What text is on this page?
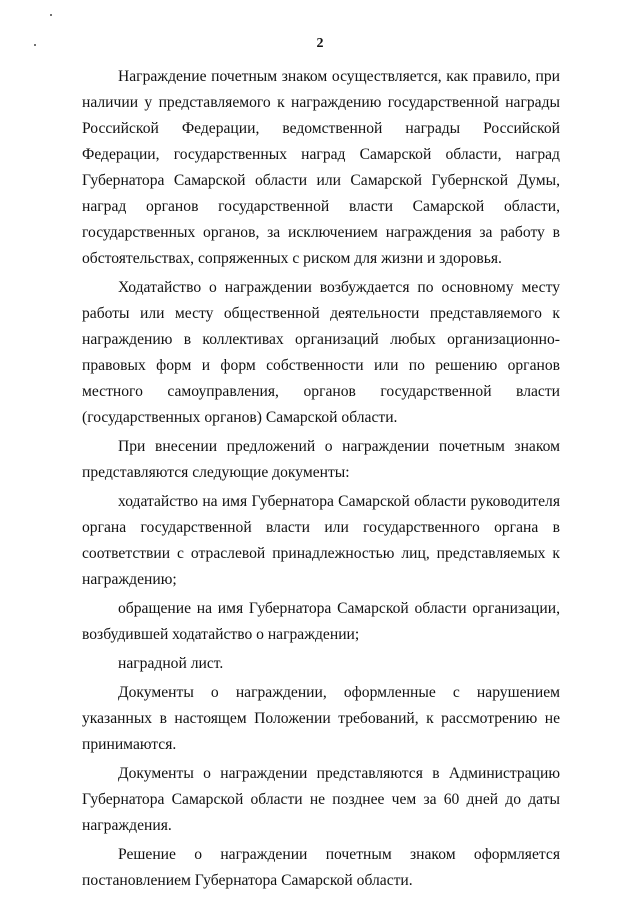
2

Награждение почетным знаком осуществляется, как правило, при наличии у представляемого к награждению государственной награды Российской Федерации, ведомственной награды Российской Федерации, государственных наград Самарской области, наград Губернатора Самарской области или Самарской Губернской Думы, наград органов государственной власти Самарской области, государственных органов, за исключением награждения за работу в обстоятельствах, сопряженных с риском для жизни и здоровья.

Ходатайство о награждении возбуждается по основному месту работы или месту общественной деятельности представляемого к награждению в коллективах организаций любых организационно-правовых форм и форм собственности или по решению органов местного самоуправления, органов государственной власти (государственных органов) Самарской области.

При внесении предложений о награждении почетным знаком представляются следующие документы:

ходатайство на имя Губернатора Самарской области руководителя органа государственной власти или государственного органа в соответствии с отраслевой принадлежностью лиц, представляемых к награждению;

обращение на имя Губернатора Самарской области организации, возбудившей ходатайство о награждении;

наградной лист.

Документы о награждении, оформленные с нарушением указанных в настоящем Положении требований, к рассмотрению не принимаются.

Документы о награждении представляются в Администрацию Губернатора Самарской области не позднее чем за 60 дней до даты награждения.

Решение о награждении почетным знаком оформляется постановлением Губернатора Самарской области.
